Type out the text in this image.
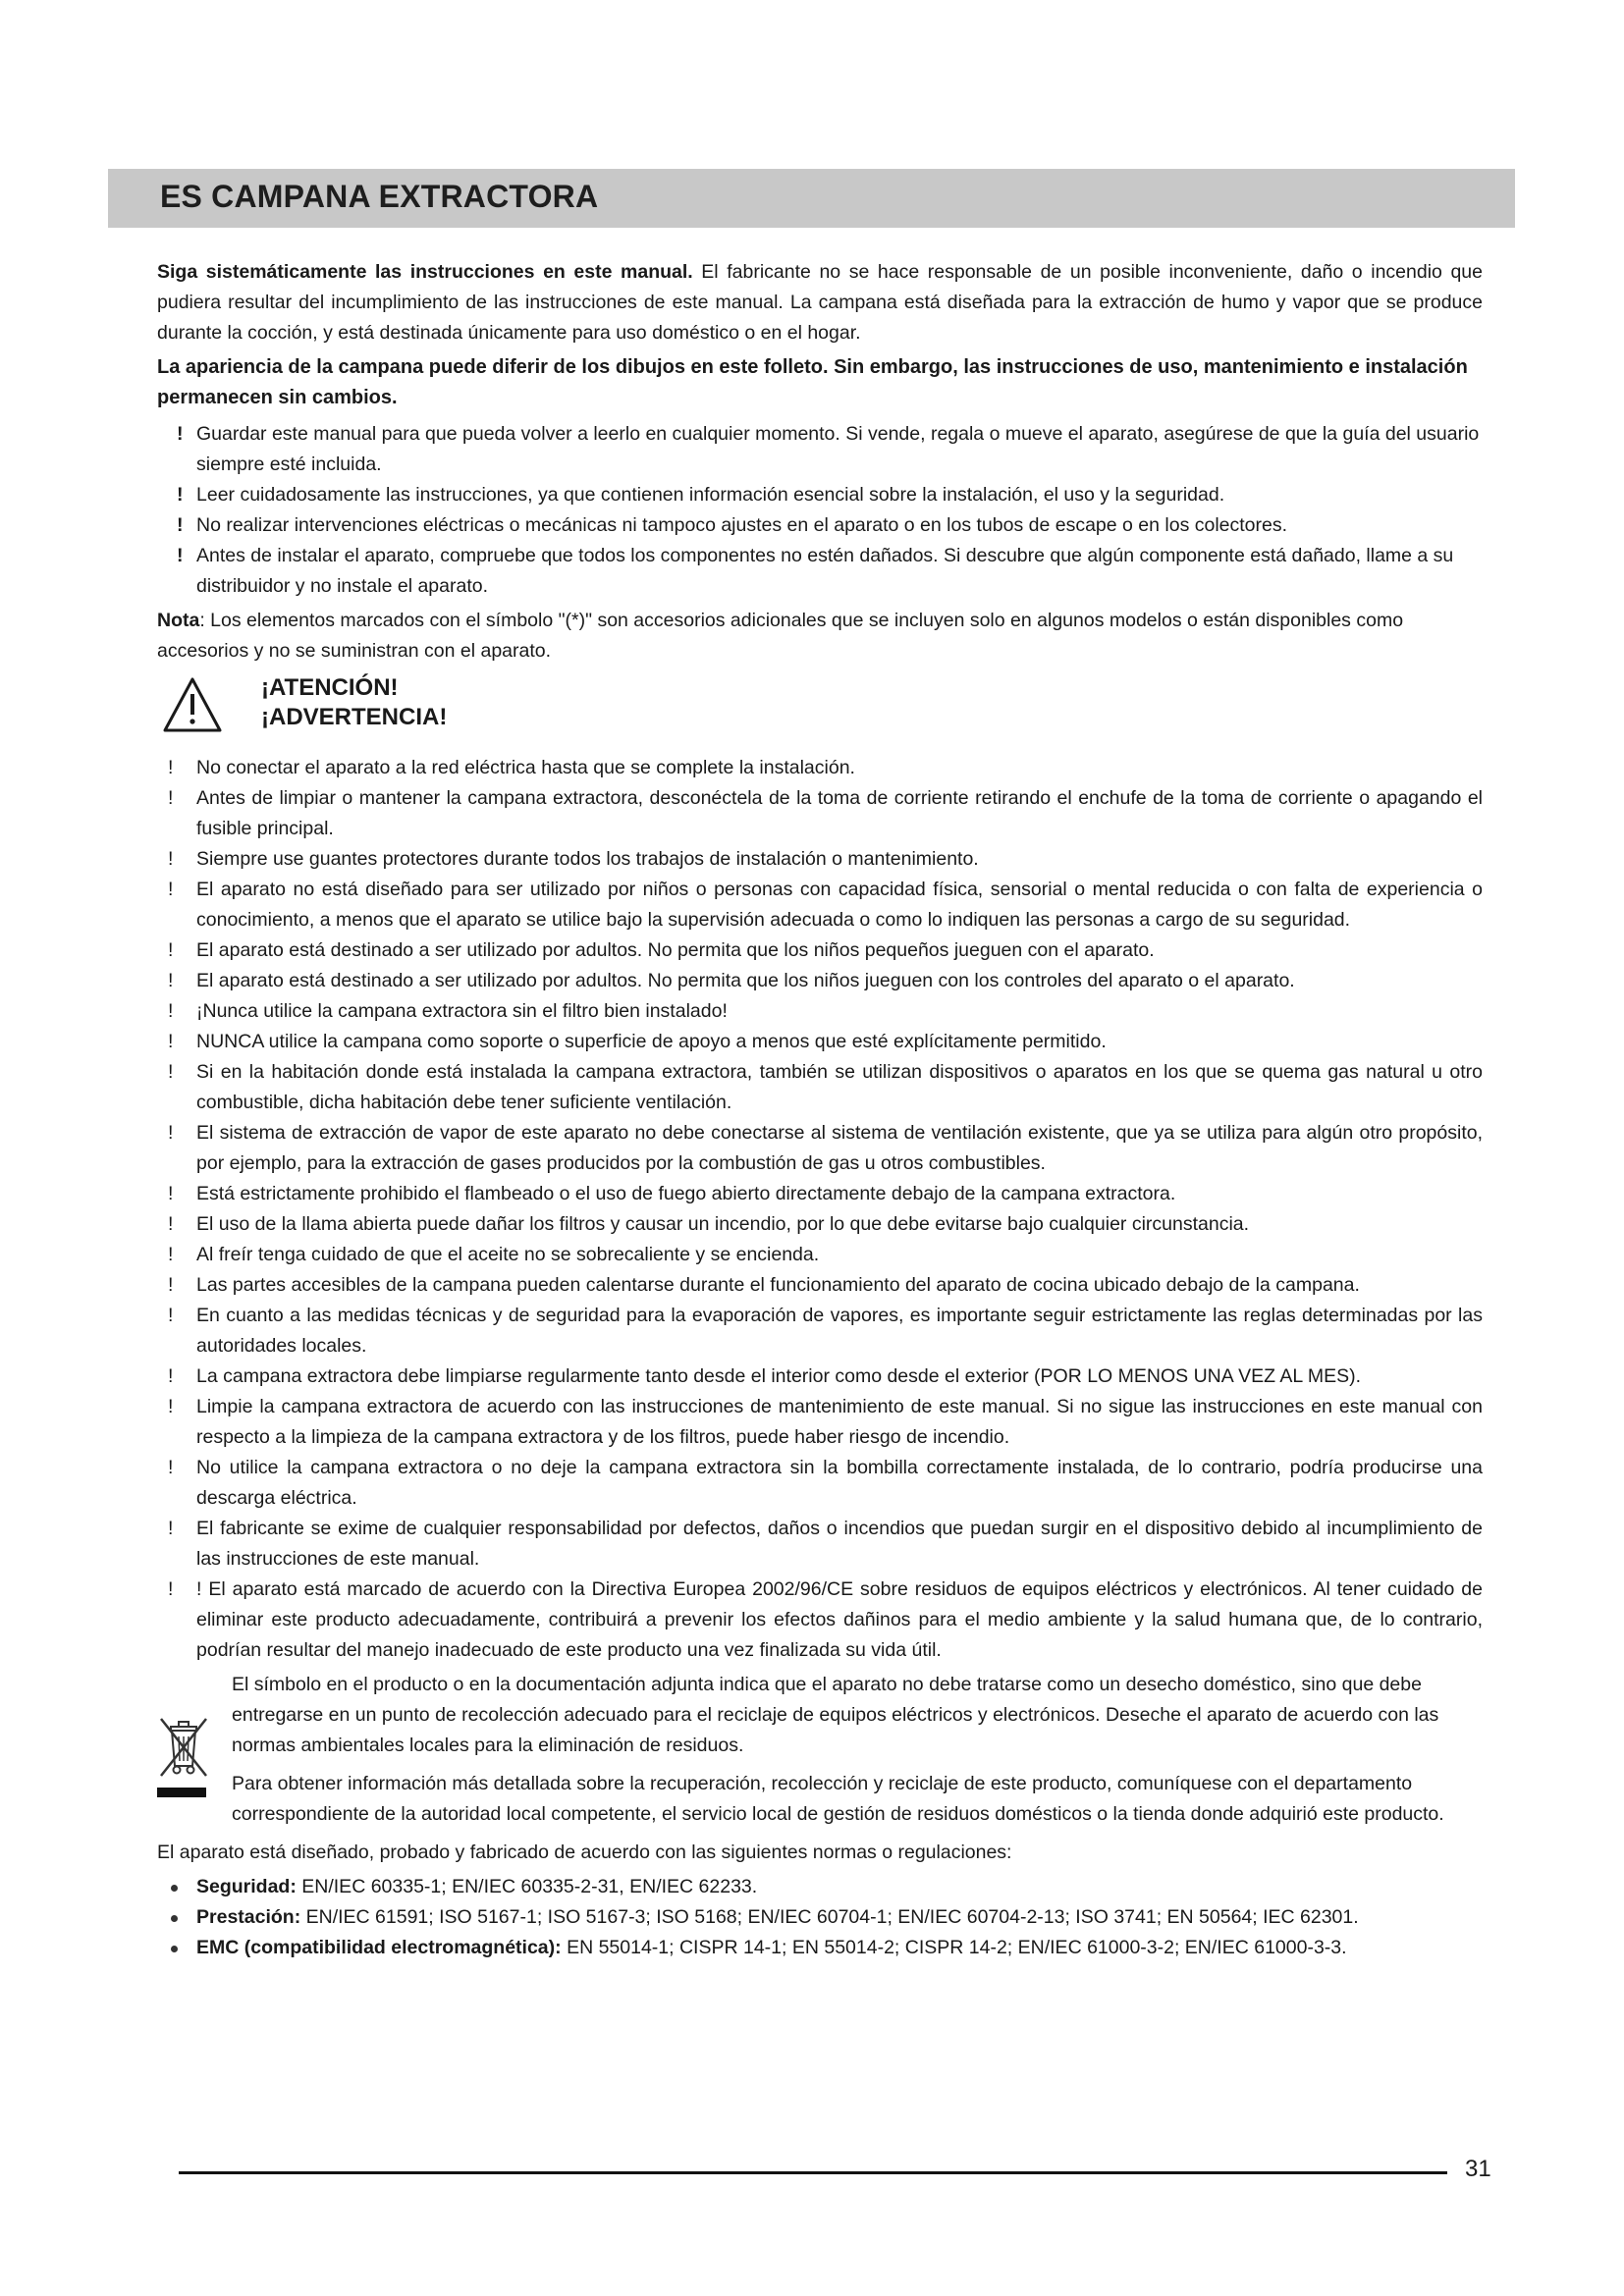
ES CAMPANA EXTRACTORA

Siga sistemáticamente las instrucciones en este manual. El fabricante no se hace responsable de un posible inconveniente, daño o incendio que pudiera resultar del incumplimiento de las instrucciones de este manual. La campana está diseñada para la extracción de humo y vapor que se produce durante la cocción, y está destinada únicamente para uso doméstico o en el hogar.

La apariencia de la campana puede diferir de los dibujos en este folleto. Sin embargo, las instrucciones de uso, mantenimiento e instalación permanecen sin cambios.

! Guardar este manual para que pueda volver a leerlo en cualquier momento. Si vende, regala o mueve el aparato, asegúrese de que la guía del usuario siempre esté incluida.
! Leer cuidadosamente las instrucciones, ya que contienen información esencial sobre la instalación, el uso y la seguridad.
! No realizar intervenciones eléctricas o mecánicas ni tampoco ajustes en el aparato o en los tubos de escape o en los colectores.
! Antes de instalar el aparato, compruebe que todos los componentes no estén dañados. Si descubre que algún componente está dañado, llame a su distribuidor y no instale el aparato.

Nota: Los elementos marcados con el símbolo "(*)" son accesorios adicionales que se incluyen solo en algunos modelos o están disponibles como accesorios y no se suministran con el aparato.

¡ATENCIÓN!
¡ADVERTENCIA!
! No conectar el aparato a la red eléctrica hasta que se complete la instalación.
! Antes de limpiar o mantener la campana extractora, desconéctela de la toma de corriente retirando el enchufe de la toma de corriente o apagando el fusible principal.
! Siempre use guantes protectores durante todos los trabajos de instalación o mantenimiento.
! El aparato no está diseñado para ser utilizado por niños o personas con capacidad física, sensorial o mental reducida o con falta de experiencia o conocimiento, a menos que el aparato se utilice bajo la supervisión adecuada o como lo indiquen las personas a cargo de su seguridad.
! El aparato está destinado a ser utilizado por adultos. No permita que los niños pequeños jueguen con el aparato.
! El aparato está destinado a ser utilizado por adultos. No permita que los niños jueguen con los controles del aparato o el aparato.
! ¡Nunca utilice la campana extractora sin el filtro bien instalado!
! NUNCA utilice la campana como soporte o superficie de apoyo a menos que esté explícitamente permitido.
! Si en la habitación donde está instalada la campana extractora, también se utilizan dispositivos o aparatos en los que se quema gas natural u otro combustible, dicha habitación debe tener suficiente ventilación.
! El sistema de extracción de vapor de este aparato no debe conectarse al sistema de ventilación existente, que ya se utiliza para algún otro propósito, por ejemplo, para la extracción de gases producidos por la combustión de gas u otros combustibles.
! Está estrictamente prohibido el flambeado o el uso de fuego abierto directamente debajo de la campana extractora.
! El uso de la llama abierta puede dañar los filtros y causar un incendio, por lo que debe evitarse bajo cualquier circunstancia.
! Al freír tenga cuidado de que el aceite no se sobrecaliente y se encienda.
! Las partes accesibles de la campana pueden calentarse durante el funcionamiento del aparato de cocina ubicado debajo de la campana.
! En cuanto a las medidas técnicas y de seguridad para la evaporación de vapores, es importante seguir estrictamente las reglas determinadas por las autoridades locales.
! La campana extractora debe limpiarse regularmente tanto desde el interior como desde el exterior (POR LO MENOS UNA VEZ AL MES).
! Limpie la campana extractora de acuerdo con las instrucciones de mantenimiento de este manual. Si no sigue las instrucciones en este manual con respecto a la limpieza de la campana extractora y de los filtros, puede haber riesgo de incendio.
! No utilice la campana extractora o no deje la campana extractora sin la bombilla correctamente instalada, de lo contrario, podría producirse una descarga eléctrica.
! El fabricante se exime de cualquier responsabilidad por defectos, daños o incendios que puedan surgir en el dispositivo debido al incumplimiento de las instrucciones de este manual.
! ! El aparato está marcado de acuerdo con la Directiva Europea 2002/96/CE sobre residuos de equipos eléctricos y electrónicos. Al tener cuidado de eliminar este producto adecuadamente, contribuirá a prevenir los efectos dañinos para el medio ambiente y la salud humana que, de lo contrario, podrían resultar del manejo inadecuado de este producto una vez finalizada su vida útil.

El símbolo en el producto o en la documentación adjunta indica que el aparato no debe tratarse como un desecho doméstico, sino que debe entregarse en un punto de recolección adecuado para el reciclaje de equipos eléctricos y electrónicos. Deseche el aparato de acuerdo con las normas ambientales locales para la eliminación de residuos.

Para obtener información más detallada sobre la recuperación, recolección y reciclaje de este producto, comuníquese con el departamento correspondiente de la autoridad local competente, el servicio local de gestión de residuos domésticos o la tienda donde adquirió este producto.

El aparato está diseñado, probado y fabricado de acuerdo con las siguientes normas o regulaciones:

Seguridad: EN/IEC 60335-1; EN/IEC 60335-2-31, EN/IEC 62233.
Prestación: EN/IEC 61591; ISO 5167-1; ISO 5167-3; ISO 5168; EN/IEC 60704-1; EN/IEC 60704-2-13; ISO 3741; EN 50564; IEC 62301.
EMC (compatibilidad electromagnética): EN 55014-1; CISPR 14-1; EN 55014-2; CISPR 14-2; EN/IEC 61000-3-2; EN/IEC 61000-3-3.
31
